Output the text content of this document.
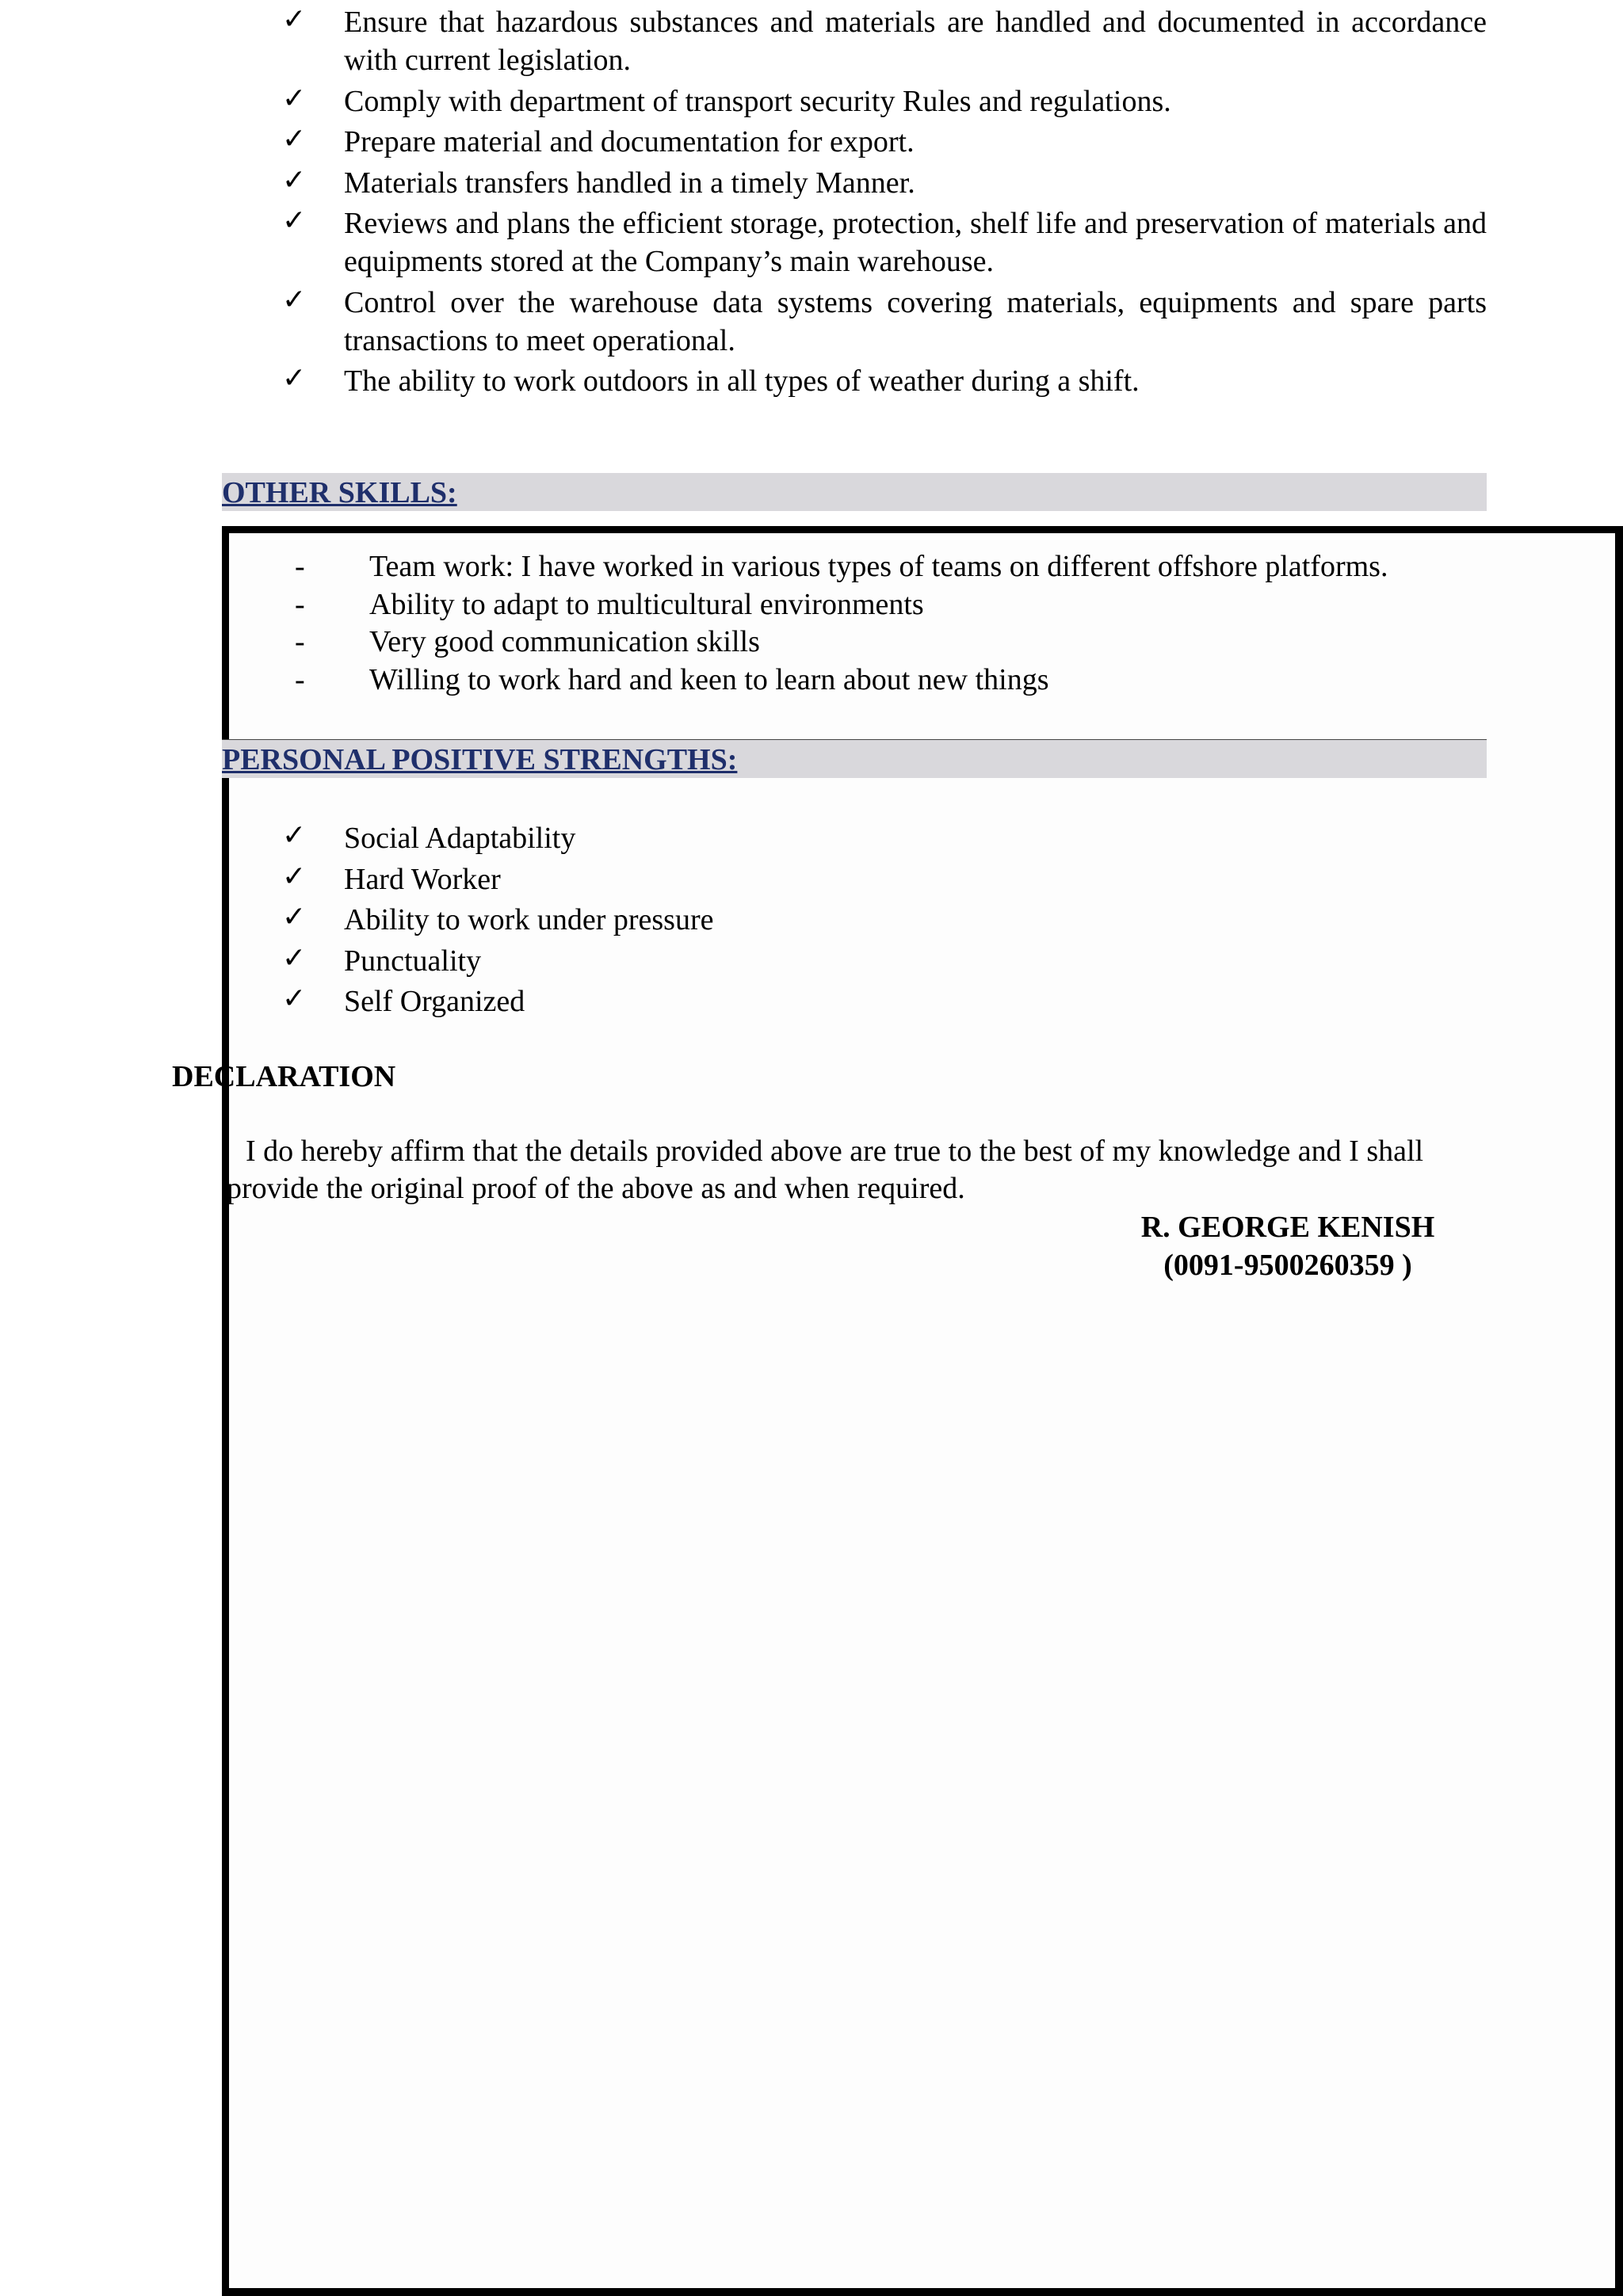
✓ Ensure that hazardous substances and materials are handled and documented in accordance with current legislation.
✓ Comply with department of transport security Rules and regulations.
✓ Prepare material and documentation for export.
✓ Materials transfers handled in a timely Manner.
✓ Reviews and plans the efficient storage, protection, shelf life and preservation of materials and equipments stored at the Company’s main warehouse.
✓ Control over the warehouse data systems covering materials, equipments and spare parts transactions to meet operational.
✓ The ability to work outdoors in all types of weather during a shift.
OTHER SKILLS:
- Team work: I have worked in various types of teams on different offshore platforms.
- Ability to adapt to multicultural environments
- Very good communication skills
- Willing to work hard and keen to learn about new things
PERSONAL POSITIVE STRENGTHS:
✓ Social Adaptability
✓ Hard Worker
✓ Ability to work under pressure
✓ Punctuality
✓ Self Organized
DECLARATION
I do hereby affirm that the details provided above are true to the best of my knowledge and I shall provide the original proof of the above as and when required.
R. GEORGE KENISH
(0091-9500260359 )
